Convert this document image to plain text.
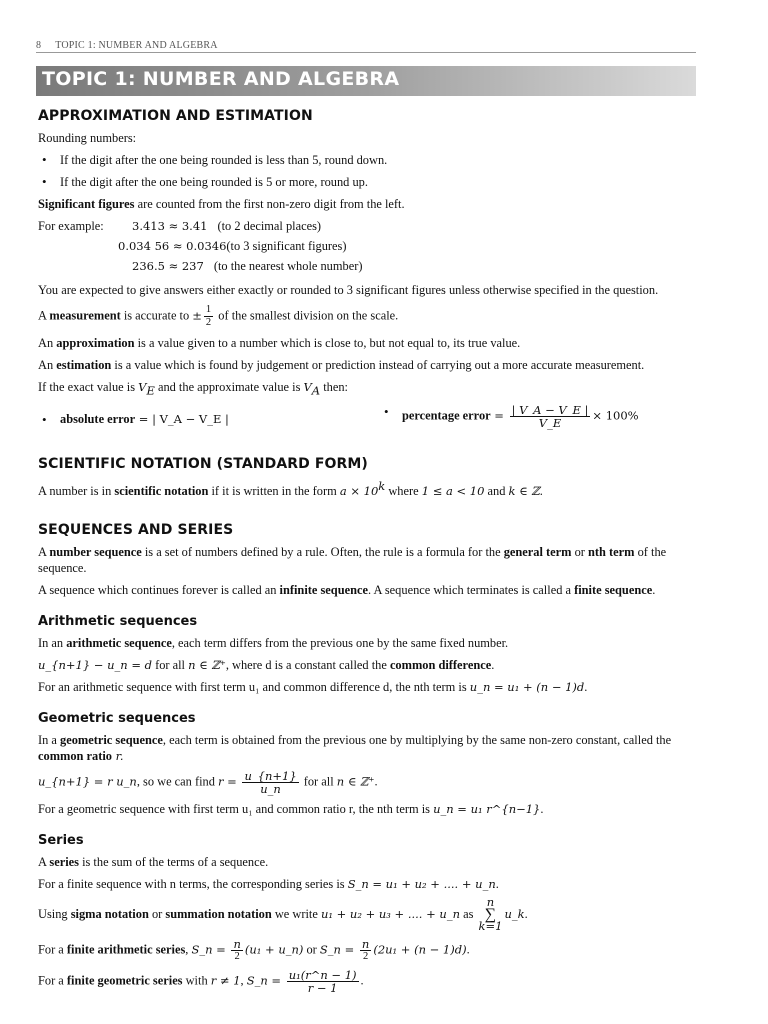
8 TOPIC 1: NUMBER AND ALGEBRA
TOPIC 1: NUMBER AND ALGEBRA
APPROXIMATION AND ESTIMATION

Rounding numbers:

• If the digit after the one being rounded is less than 5, round down.
• If the digit after the one being rounded is 5 or more, round up.

Significant figures are counted from the first non-zero digit from the left.

For example: 3.413 ≈ 3.41 (to 2 decimal places)
0.034 56 ≈ 0.0346(to 3 significant figures)
236.5 ≈ 237 (to the nearest whole number)

You are expected to give answers either exactly or rounded to 3 significant figures unless otherwise specified in the question.

A measurement is accurate to ± $\frac{1}{2}$ of the smallest division on the scale.

An approximation is a value given to a number which is close to, but not equal to, its true value.

An estimation is a value which is found by judgement or prediction instead of carrying out a more accurate measurement.

If the exact value is $V_E$ and the approximate value is $V_A$ then:

• absolute error = | V_A − V_E |
•	percentage error = $\frac{| V\_A - V\_E |}{V\_E} \times 100\%$
SCIENTIFIC NOTATION (STANDARD FORM)

A number is in scientific notation if it is written in the form $a \times 10^k$ where 1 ≤ a < 10 and k ∈ ℤ.

SEQUENCES AND SERIES

A number sequence is a set of numbers defined by a rule. Often, the rule is a formula for the general term or nth term of the sequence.

A sequence which continues forever is called an infinite sequence. A sequence which terminates is called a finite sequence.

Arithmetic sequences

In an arithmetic sequence, each term differs from the previous one by the same fixed number.

u_{n+1} − u_n = d for all n ∈ ℤ⁺, where d is a constant called the common difference.

For an arithmetic sequence with first term u₁ and common difference d, the nth term is u_n = u₁ + (n − 1)d.

Geometric sequences

In a geometric sequence, each term is obtained from the previous one by multiplying by the same non-zero constant, called the common ratio r.

u_{n+1} = r u_n, so we can find $r = \frac{u\_\{n+1\}}{u\_n}$ for all n ∈ ℤ⁺.

For a geometric sequence with first term u₁ and common ratio r, the nth term is u_n = u₁ r^{n−1}.

Series

A series is the sum of the terms of a sequence.

For a finite sequence with n terms, the corresponding series is S_n = u₁ + u₂ + .... + u_n.

Using sigma notation or summation notation we write u₁ + u₂ + u₃ + .... + u_n as n
∑
k=1u_k.

For a finite arithmetic series, S_n = $\frac{n}{2} (u_1$ + u_n) or S_n = $\frac{n}{2} (2u_1 + (n - 1)d)$.

For a finite geometric series with r ≠ 1, S_n = $\frac{\text{u₁(r\textasciicircum{}n − 1)}}{r - 1}$ .
